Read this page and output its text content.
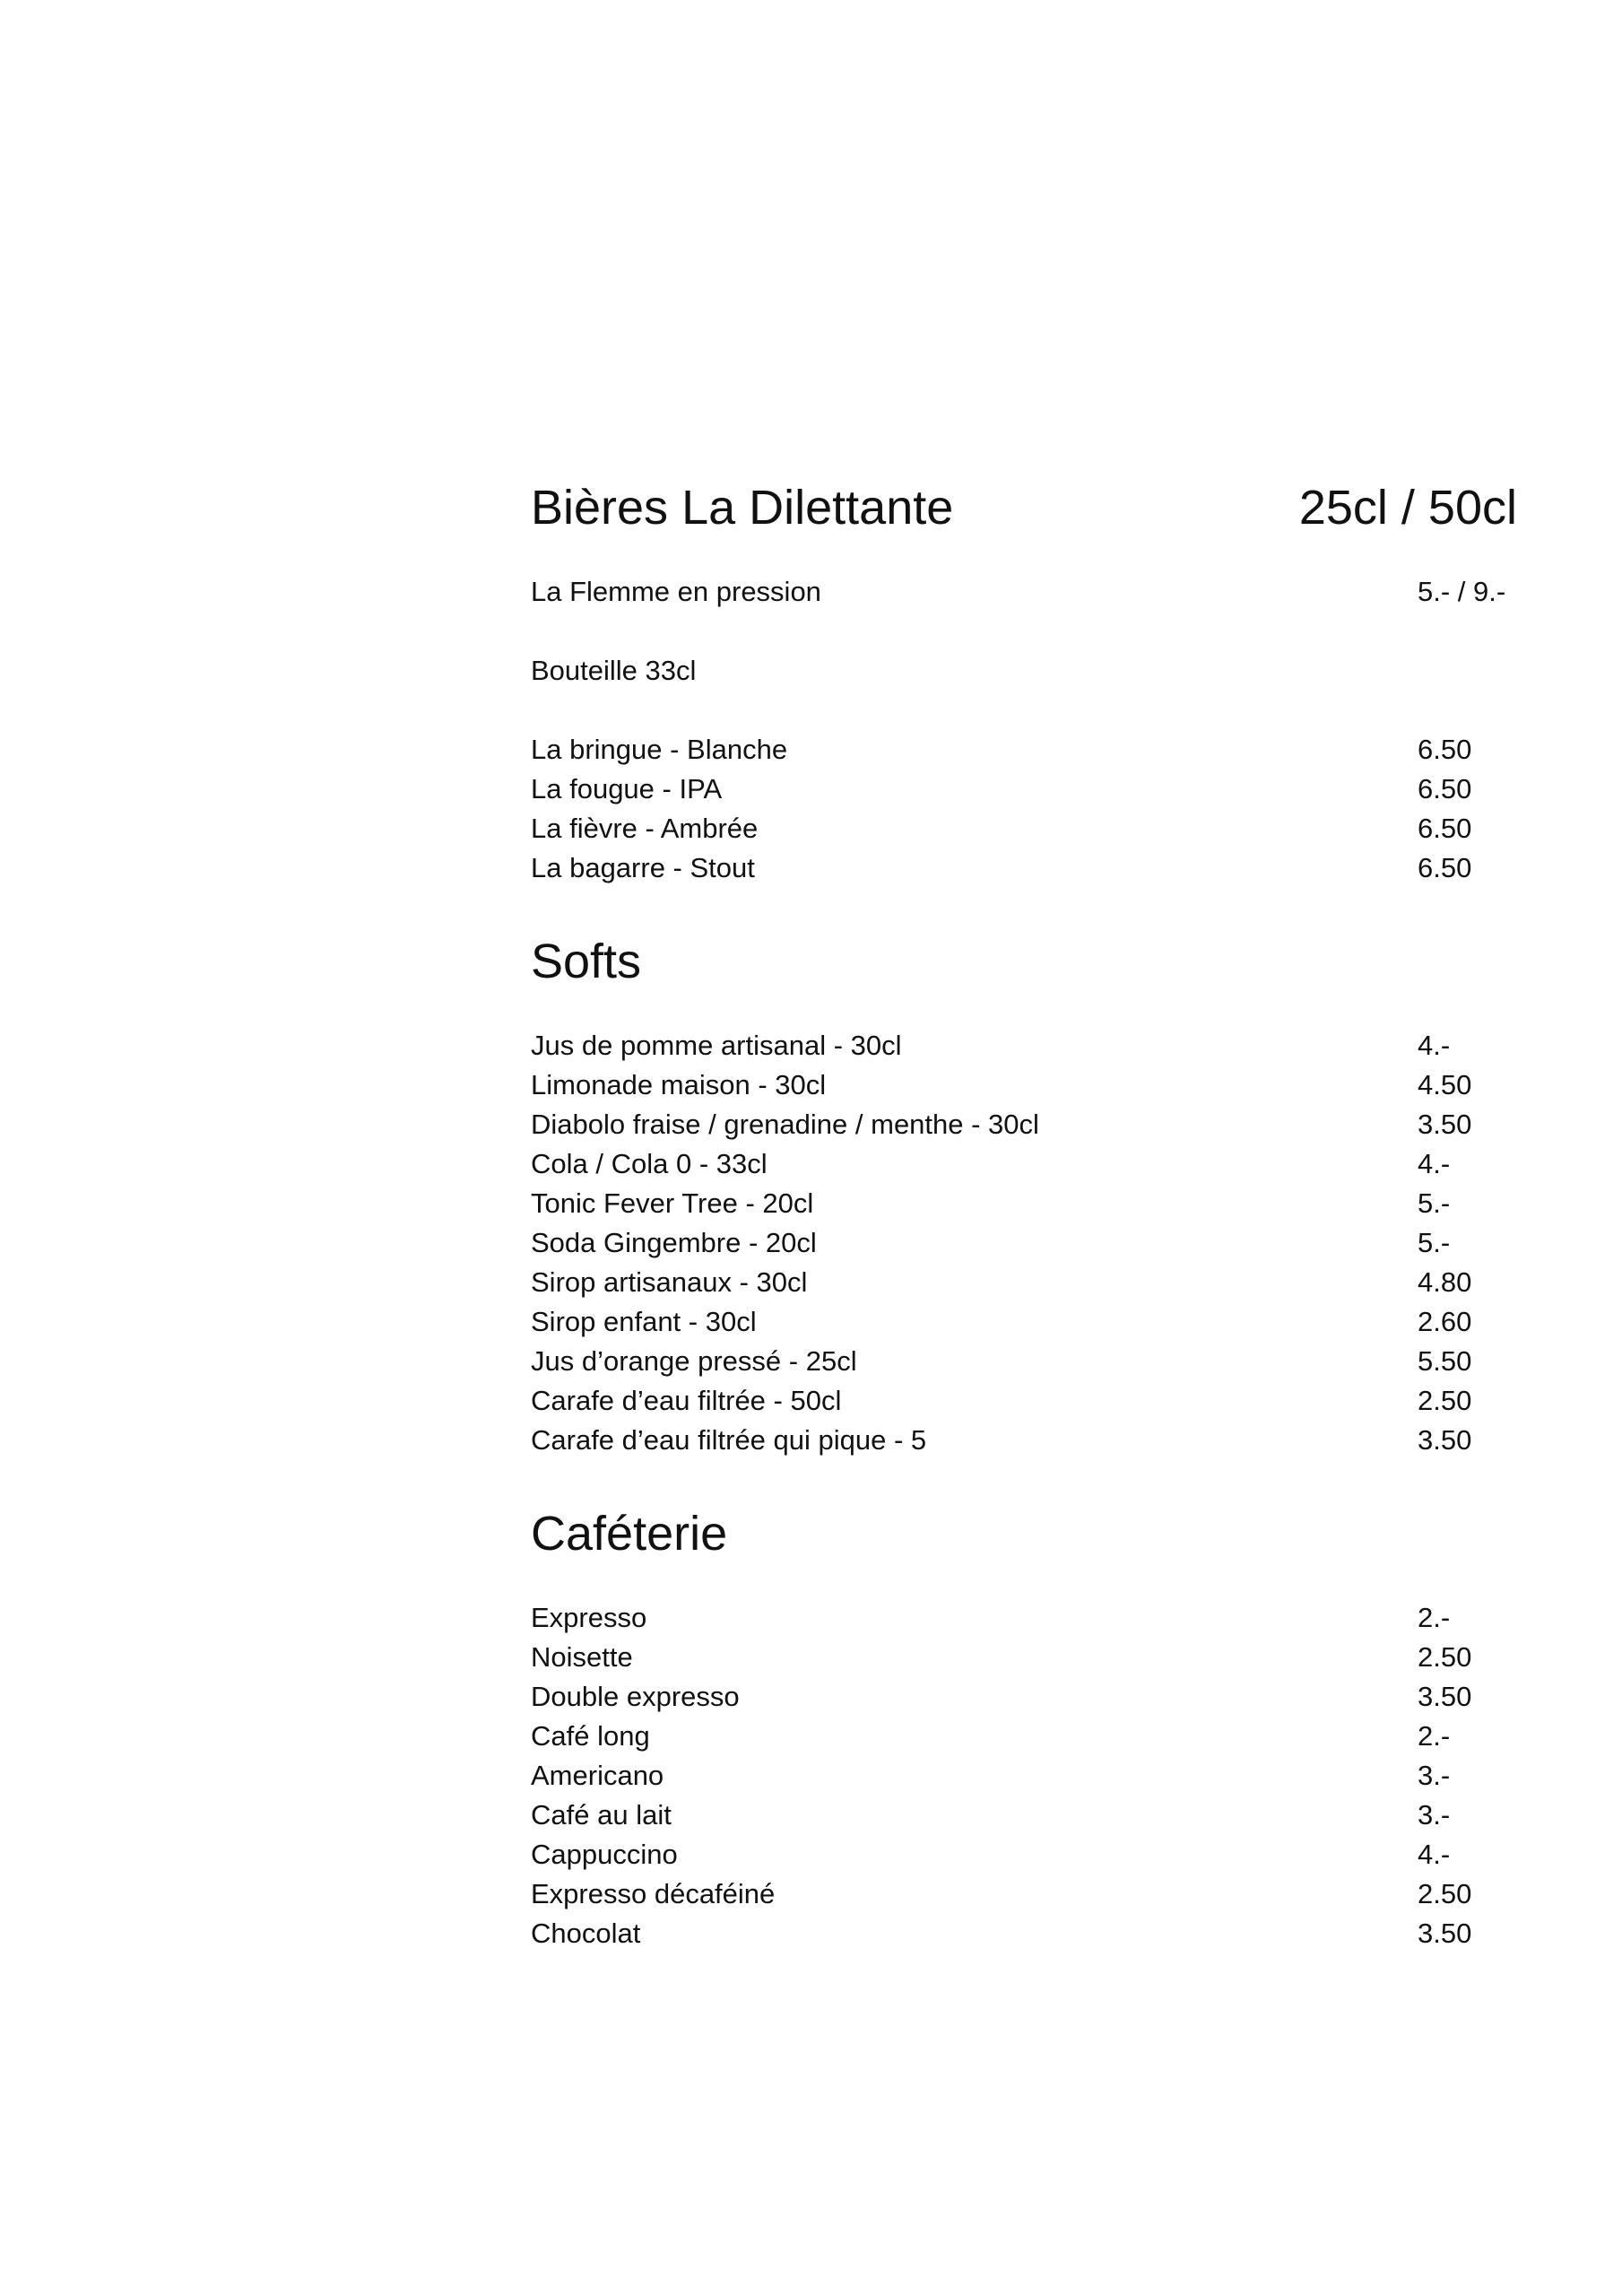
Bières La Dilettante	25cl / 50cl
La Flemme en pression	5.- / 9.-
Bouteille 33cl
La bringue - Blanche	6.50
La fougue - IPA	6.50
La fièvre - Ambrée	6.50
La bagarre - Stout	6.50
Softs
Jus de pomme artisanal - 30cl	4.-
Limonade maison - 30cl	4.50
Diabolo fraise / grenadine / menthe - 30cl	3.50
Cola / Cola 0 - 33cl	4.-
Tonic Fever Tree - 20cl	5.-
Soda Gingembre - 20cl	5.-
Sirop artisanaux - 30cl	4.80
Sirop enfant - 30cl	2.60
Jus d’orange pressé - 25cl	5.50
Carafe d’eau filtrée - 50cl	2.50
Carafe d’eau filtrée qui pique - 5	3.50
Caféterie
Expresso	2.-
Noisette	2.50
Double expresso	3.50
Café long	2.-
Americano	3.-
Café au lait	3.-
Cappuccino	4.-
Expresso décaféiné	2.50
Chocolat	3.50
